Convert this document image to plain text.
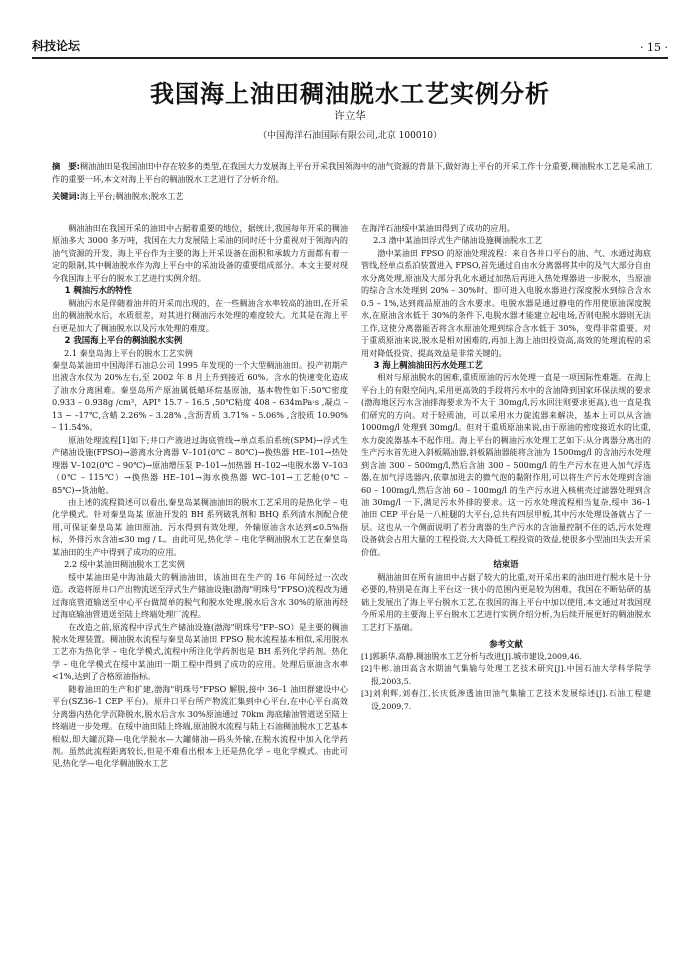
科技论坛	· 15 ·
我国海上油田稠油脱水工艺实例分析
许立华
（中国海洋石油国际有限公司,北京 100010）
摘　要:稠油油田是我国油田中存在较多的类型,在我国大力发展海上平台开采我国领海中的油气资源的背景下,做好海上平台的开采工作十分重要,稠油脱水工艺是采油工作的重要一环,本文对海上平台的稠油脱水工艺进行了分析介绍。
关键词:海上平台;稠油脱水;脱水工艺

稠油油田在我国开采的油田中占据着重要的地位，据统计,我国每年开采的稠油原油多大 3000 多万吨，我国在大力发展陆上采油的同时还十分重视对于领海内的油气资源的开发，海上平台作为主要的海上开采设备在面积和承载力方面都有着一定的限制,其中稠油脱水作为海上平台中的采油设备的重要组成部分。本文主要对现今我国海上平台的脱水工艺进行实例介绍。

1 稠油污水的特性

稠油污水是伴随着油井的开采而出现的，在一些稠油含水率较高的油田,在开采出的稠油脱水后，水质很差，对其进行稠油污水处理的难度较大。尤其是在海上平台更是加大了稠油脱水以及污水处理的难度。

2 我国海上平台的稠油脱水实例
2.1 秦皇岛海上平台的脱水工艺实例

秦皇岛某油田中国海洋石油总公司 1995 年发现的一个大型稠油油田。投产初期产出液含水仅为 20%左右,至 2002 年 8 月上升到接近 60%。含水的快速变化造成了油水分离困难。秦皇岛所产原油属低蜡环烷基原油，基本物性如下:50℃密度 0.933 – 0.938g /cm³，API° 15.7 – 16.5 ,50℃粘度 408 – 634mPa·s ,凝点 –13 ~ –17℃,含蜡 2.26% – 3.28% ,含沥青质 3.71% – 5.06% ,含胶质 10.90% – 11.54%。

原油处理流程[1]如下;井口产液进过海底管线→单点系泊系统(SPM)→浮式生产储油设施(FPSO)→游离水分离器 V–101(0℃ – 80℃)→换热器 HE–101→热处理器 V–102(0℃ – 90℃)→原油增压泵 P–101→加热器 H–102→电脱水器 V–103（0℃ – 115℃）→换热器 HE–101→海水换热器 WC–101→工艺舱(0℃ – 85℃)→货油舱。

由上述的流程简述可以看出,秦皇岛某稠油油田的脱水工艺采用的是热化学 – 电化学模式。针对秦皇岛某 原油开发的 BH 系列破乳剂和 BHQ 系列清水剂配合使用,可保证秦皇岛某 油田原油、污水得到有效处理，外输原油含水达到≤0.5%指标，外排污水含油≤30 mg / L。由此可见,热化学 – 电化学稠油脱水工艺在秦皇岛某油田的生产中得到了成功的应用。

2.2 绥中某油田稠油脱水工艺实例

绥中某油田是中海油最大的稠油油田，该油田在生产的 16 年间经过一次改造。改造将原井口产出物流送至浮式生产储油设施(渤海"明珠号"FPSO)流程改为通过海底管道输送至中心平台做简单的脱气和脱水处理,脱水后含水 30%的原油再经过海底输油管道送至陆上终端处理厂流程。

在改造之前,原流程中浮式生产储油设施(渤海"明珠号"FP–SO）是主要的稠油脱水处理装置。稠油脱水流程与秦皇岛某油田 FPSO 脱水流程基本相似,采用脱水工艺亦为热化学 – 电化学模式,流程中所注化学药剂也是 BH 系列化学药剂。热化学 – 电化学模式在绥中某油田一期工程中得到了成功的应用。处理后原油含水率<1%,达到了合格原油指标。

随着油田的生产和扩建,渤海"明珠号"FPSO 解脱,接中 36–1 油田群建设中心平台(SZ36–1 CEP 平台)。原井口平台所产物流汇集到中心平台,在中心平台高效分离器内热化学沉降脱水,脱水后含水 30%原油通过 70km 海底输油管道送至陆上终端进一步处理。在绥中油田陆上终端,原油脱水流程与陆上石油稠油脱水工艺基本相似,即大罐沉降—电化学脱水—大罐储油—码头外输,在脱水流程中加入化学药剂。虽然此流程距离较长,但是不难看出根本上还是热化学 – 电化学模式。由此可见,热化学—电化学稠油脱水工艺

在海洋石油绥中某油田得到了成功的应用。

2.3 渤中某油田浮式生产储油设施稠油脱水工艺

渤中某油田 FPSO 的原油处理流程：来自各井口平台的油、气、水通过海底管线,经单点系泊装置进入 FPSO,首先通过自由水分离器将其中的及气大部分自由水分离处理,原油及大部分乳化水通过加热后再进入热处理器进一步脱水，当原油的综合含水处理到 20% – 30%时。即可进入电脱水器进行深度脱水到综合含水 0.5 – 1%,达到商品原油的含水要求。电脱水器是通过静电的作用使原油深度脱水,在原油含水低于 30%的条件下,电脱水器才能建立起电场,否则电脱水器则无法工作,这使分离器能否将含水原油处理到综合含水低于 30%，变得非常重要。对于重质原油来说,脱水是相对困难的,再加上海上油田投资高,高效的处理流程的采用对降低投资、提高效益是非常关键的。

3 海上稠油油田污水处理工艺

相对与原油脱水的困难,重质原油的污水处理一直是一项国际性难题。在海上平台上的有限空间内,采用更高效的手段将污水中的含油降到国家环保法规的要求(渤海地区污水含油排海要求为不大于 30mg/l,污水回注则要求更高),也一直是我们研究的方向。对于轻质油，可以采用水力旋流器来解决，基本上可以从含油 1000mg/l 处理到 30mg/l。但对于重质原油来说,由于原油的密度接近水的比重,水力旋流器基本不起作用。海上平台的稠油污水处理工艺如下:从分离器分离出的生产污水首先进入斜板隔油器,斜板隔油器能将含油为 1500mg/l 的含油污水处理到含油 300 – 500mg/l,然后含油 300 – 500mg/l 的生产污水在进入加气浮选器,在加气浮选器内,依靠加进去的微气泡的黏附作用,可以将生产污水处理到含油 60 – 100mg/l,然后含油 60 – 100mg/l 的生产污水进入核桃壳过滤器处理到含油 30mg/l 一下,满足污水外排的要求。这一污水处理流程相当复杂,绥中 36–1 油田 CEP 平台是一八桩腿的大平台,总共有四层甲板,其中污水处理设备就占了一层。这也从一个侧面说明了若分离器的生产污水的含油量控制不住的话,污水处理设备就会占用大量的工程投资,大大降低工程投资的效益,使很多小型油田失去开采价值。

结束语

稠油油田在所有油田中占据了较大的比重,对开采出来的油田进行脱水是十分必要的,特别是在海上平台这一狭小的范围内更是较为困难，我国在不断钻研的基础上发展出了海上平台脱水工艺,在我国的海上平台中加以使用,本文通过对我国现今所采用的主要海上平台脱水工艺进行实例介绍分析,为后续开展更好的稠油脱水工艺打下基础。

参考文献
[1]郭新华,高静.稠油脱水工艺分析与改进[J].城市建设,2009,46.
[2]牛彬.油田高含水期油气集输与处理工艺技术研究[J].中国石油大学科学院学报,2003,5.
[3]刘利辉,刘春江,长庆低渗透油田油气集输工艺技术发展综述[J].石油工程建设,2009,7.
